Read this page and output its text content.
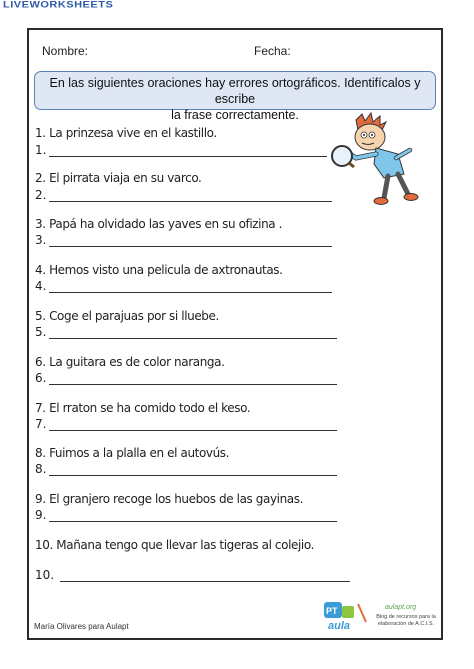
LIVEWORKSHEETS
Nombre:	Fecha:
En las siguientes oraciones hay errores ortográficos. Identifícalos y escribe
la frase correctamente.
1. La prinzesa vive en el kastillo.
1.
2. El pirrata viaja en su varco.
2.
3. Papá ha olvidado las yaves en su ofizina .
3.
4. Hemos visto una pelicula de axtronautas.
4.
5. Coge el parajuas por si lluebe.
5.
6. La guitara es de color naranga.
6.
7. El rraton se ha comido todo el keso.
7.
8. Fuimos a la plalla en el autovús.
8.
9. El granjero recoge los huebos de las gayinas.
9.
10. Mañana tengo que llevar las tigeras al colejio.
10.
María Olivares para Aulapt
PT
aula
aulapt.org
Blog de recursos para la elaboración de A.C.I.S.
